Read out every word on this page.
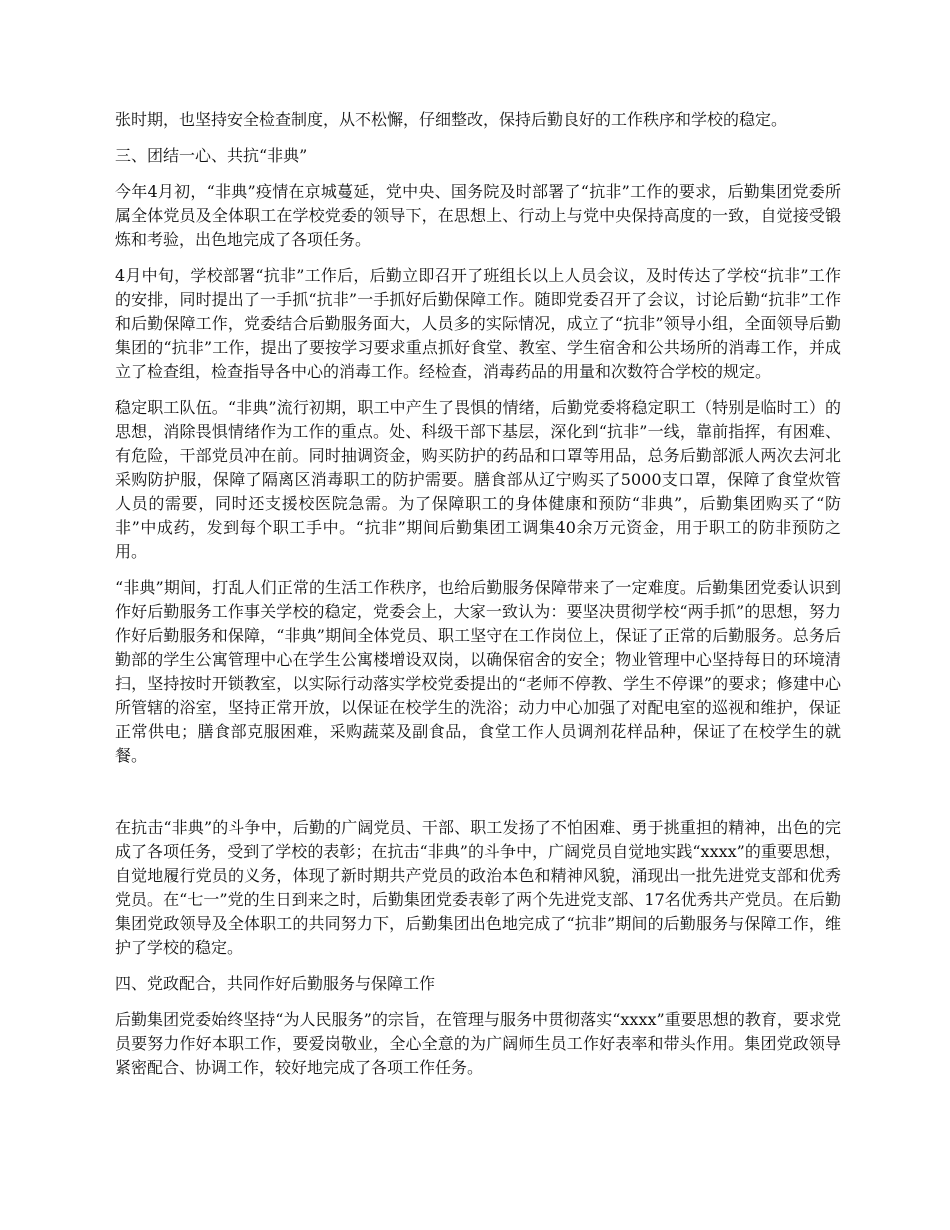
张时期，也坚持安全检查制度，从不松懈，仔细整改，保持后勤良好的工作秩序和学校的稳定。

三、团结一心、共抗“非典”

今年4月初，“非典”疫情在京城蔓延，党中央、国务院及时部署了“抗非”工作的要求，后勤集团党委所属全体党员及全体职工在学校党委的领导下，在思想上、行动上与党中央保持高度的一致，自觉接受锻炼和考验，出色地完成了各项任务。

4月中旬，学校部署“抗非”工作后，后勤立即召开了班组长以上人员会议，及时传达了学校“抗非”工作的安排，同时提出了一手抓“抗非”一手抓好后勤保障工作。随即党委召开了会议，讨论后勤“抗非”工作和后勤保障工作，党委结合后勤服务面大，人员多的实际情况，成立了“抗非”领导小组，全面领导后勤集团的“抗非”工作，提出了要按学习要求重点抓好食堂、教室、学生宿舍和公共场所的消毒工作，并成立了检查组，检查指导各中心的消毒工作。经检查，消毒药品的用量和次数符合学校的规定。

稳定职工队伍。“非典”流行初期，职工中产生了畏惧的情绪，后勤党委将稳定职工（特别是临时工）的思想，消除畏惧情绪作为工作的重点。处、科级干部下基层，深化到“抗非”一线，靠前指挥，有困难、有危险，干部党员冲在前。同时抽调资金，购买防护的药品和口罩等用品，总务后勤部派人两次去河北采购防护服，保障了隔离区消毒职工的防护需要。膳食部从辽宁购买了5000支口罩，保障了食堂炊管人员的需要，同时还支援校医院急需。为了保障职工的身体健康和预防“非典”，后勤集团购买了“防非”中成药，发到每个职工手中。“抗非”期间后勤集团工调集40余万元资金，用于职工的防非预防之用。

“非典”期间，打乱人们正常的生活工作秩序，也给后勤服务保障带来了一定难度。后勤集团党委认识到作好后勤服务工作事关学校的稳定，党委会上，大家一致认为：要坚决贯彻学校“两手抓”的思想，努力作好后勤服务和保障，“非典”期间全体党员、职工坚守在工作岗位上，保证了正常的后勤服务。总务后勤部的学生公寓管理中心在学生公寓楼增设双岗，以确保宿舍的安全；物业管理中心坚持每日的环境清扫，坚持按时开锁教室，以实际行动落实学校党委提出的“老师不停教、学生不停课”的要求；修建中心所管辖的浴室，坚持正常开放，以保证在校学生的洗浴；动力中心加强了对配电室的巡视和维护，保证正常供电；膳食部克服困难，采购蔬菜及副食品，食堂工作人员调剂花样品种，保证了在校学生的就餐。

在抗击“非典”的斗争中，后勤的广阔党员、干部、职工发扬了不怕困难、勇于挑重担的精神，出色的完成了各项任务，受到了学校的表彰；在抗击“非典”的斗争中，广阔党员自觉地实践“xxxx”的重要思想，自觉地履行党员的义务，体现了新时期共产党员的政治本色和精神风貌，涌现出一批先进党支部和优秀党员。在“七一”党的生日到来之时，后勤集团党委表彰了两个先进党支部、17名优秀共产党员。在后勤集团党政领导及全体职工的共同努力下，后勤集团出色地完成了“抗非”期间的后勤服务与保障工作，维护了学校的稳定。

四、党政配合，共同作好后勤服务与保障工作

后勤集团党委始终坚持“为人民服务”的宗旨，在管理与服务中贯彻落实“xxxx”重要思想的教育，要求党员要努力作好本职工作，要爱岗敬业，全心全意的为广阔师生员工作好表率和带头作用。集团党政领导紧密配合、协调工作，较好地完成了各项工作任务。
